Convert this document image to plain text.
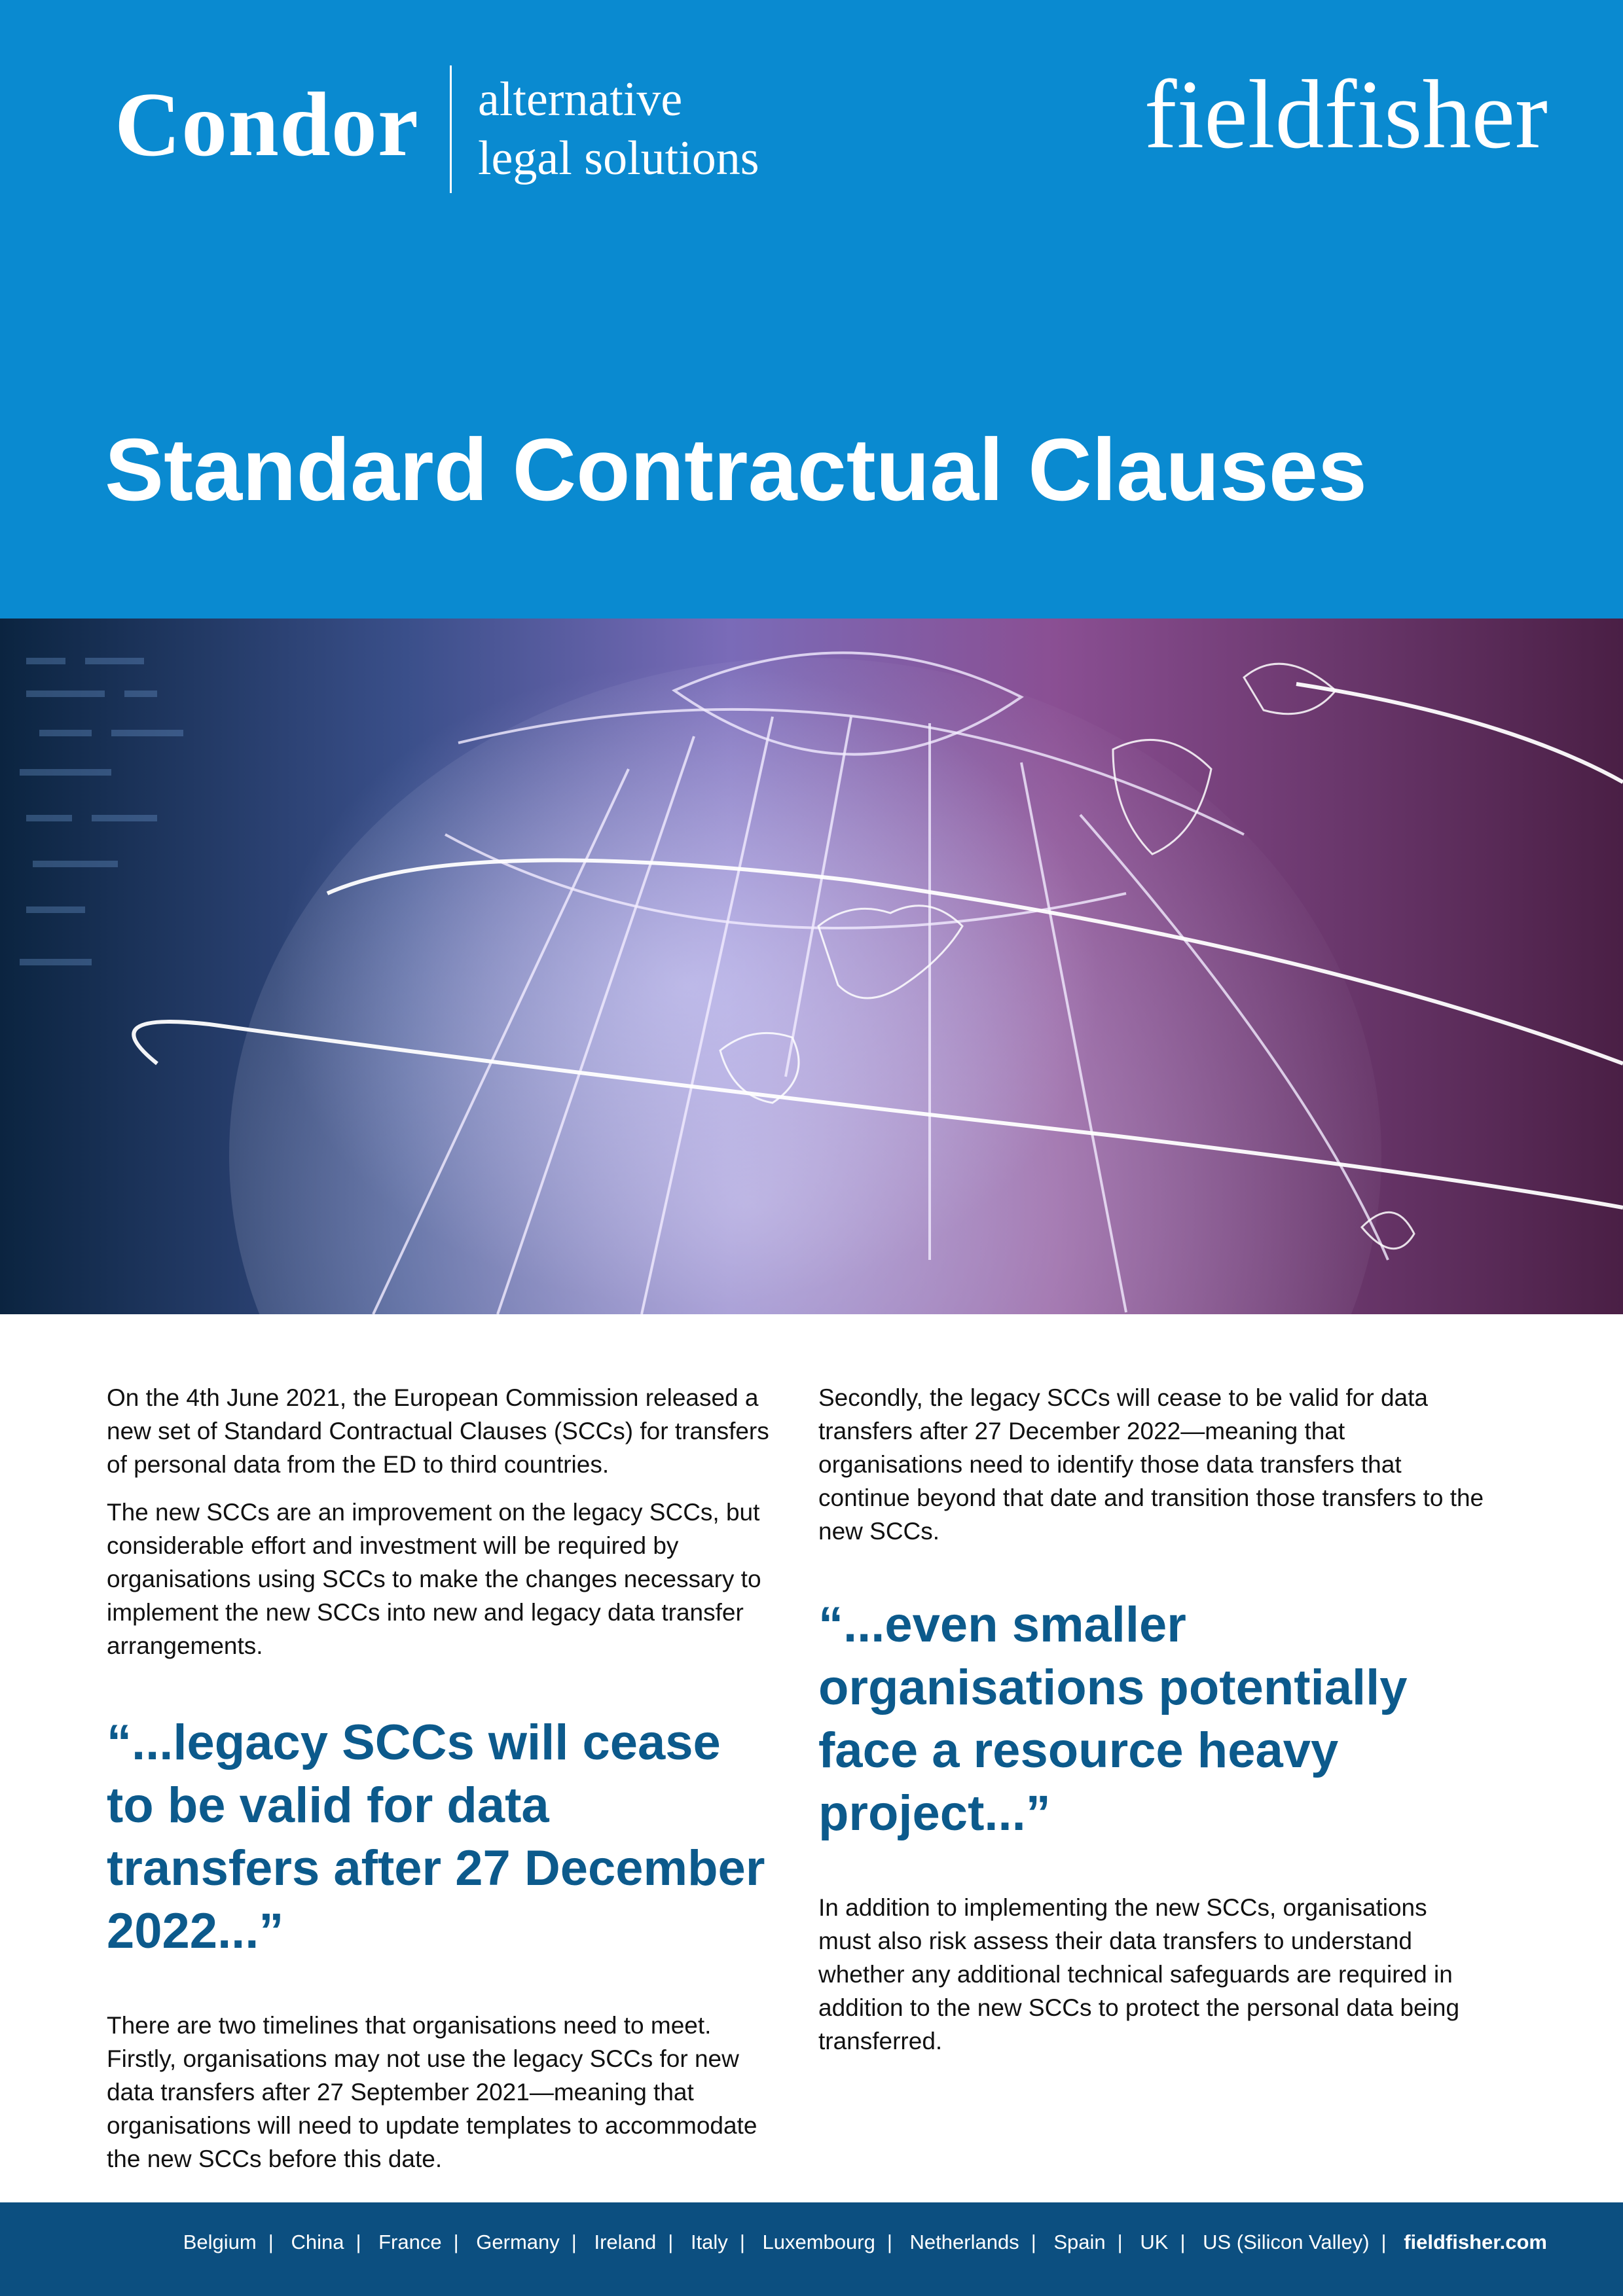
Condor alternative
legal solutions	fieldfisher
Standard Contractual Clauses

On the 4th June 2021, the European Commission released a new set of Standard Contractual Clauses (SCCs) for transfers of personal data from the ED to third countries.

The new SCCs are an improvement on the legacy SCCs, but considerable effort and investment will be required by organisations using SCCs to make the changes necessary to implement the new SCCs into new and legacy data transfer arrangements.

“...legacy SCCs will cease to be valid for data transfers after 27 December 2022...”

There are two timelines that organisations need to meet. Firstly, organisations may not use the legacy SCCs for new data transfers after 27 September 2021—meaning that organisations will need to update templates to accommodate the new SCCs before this date.

Secondly, the legacy SCCs will cease to be valid for data transfers after 27 December 2022—meaning that organisations need to identify those data transfers that continue beyond that date and transition those transfers to the new SCCs.

“...even smaller organisations potentially face a resource heavy project...”

In addition to implementing the new SCCs, organisations must also risk assess their data transfers to understand whether any additional technical safeguards are required in addition to the new SCCs to protect the personal data being transferred.

Belgium | China | France | Germany | Ireland | Italy | Luxembourg | Netherlands | Spain | UK | US (Silicon Valley) | fieldfisher.com
